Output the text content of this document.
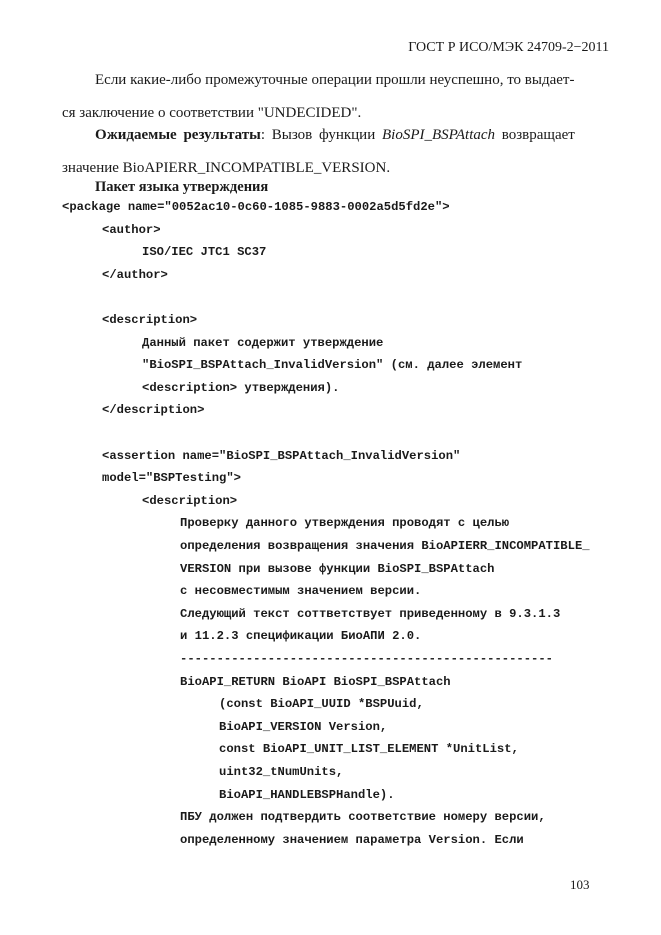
ГОСТ Р ИСО/МЭК 24709-2−2011
Если какие-либо промежуточные операции прошли неуспешно, то выдает-
ся заключение о соответствии "UNDECIDED".
Ожидаемые результаты: Вызов функции BioSPI_BSPAttach возвращает
значение BioAPIERR_INCOMPATIBLE_VERSION.
Пакет языка утверждения
<package name="0052ac10-0c60-1085-9883-0002a5d5fd2e">
<author>
ISO/IEC JTC1 SC37
</author>
<description>
Данный пакет содержит утверждение
"BioSPI_BSPAttach_InvalidVersion" (см. далее элемент
<description> утверждения).
</description>
<assertion name="BioSPI_BSPAttach_InvalidVersion"
model="BSPTesting">
<description>
Проверку данного утверждения проводят с целью
определения возвращения значения BioAPIERR_INCOMPATIBLE_
VERSION при вызове функции BioSPI_BSPAttach
с несовместимым значением версии.
Следующий текст соттветствует приведенному в 9.3.1.3
и 11.2.3 спецификации БиоАПИ 2.0.
---------------------------------------------------
BioAPI_RETURN BioAPI BioSPI_BSPAttach
(const BioAPI_UUID *BSPUuid,
BioAPI_VERSION Version,
const BioAPI_UNIT_LIST_ELEMENT *UnitList,
uint32_tNumUnits,
BioAPI_HANDLEBSPHandle).
ПБУ должен подтвердить соответствие номеру версии,
определенному значением параметра Version. Если
103
